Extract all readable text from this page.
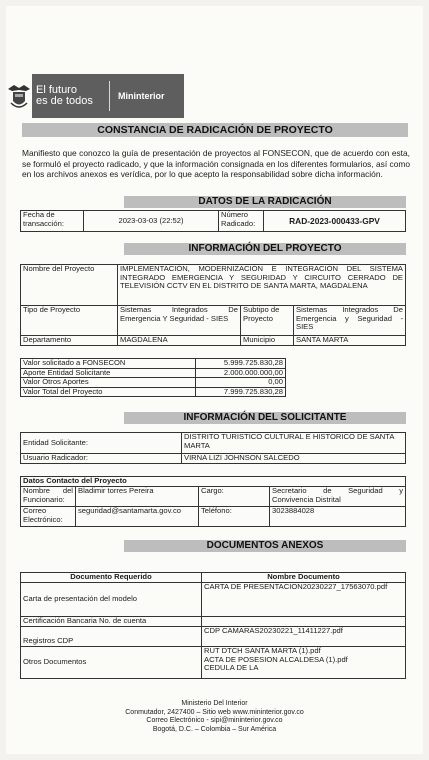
El futuro
es de todos	Mininterior
CONSTANCIA DE RADICACIÓN DE PROYECTO
Manifiesto que conozco la guía de presentación de proyectos al FONSECON, que de acuerdo con esta, se formuló el proyecto radicado, y que la información consignada en los diferentes formularios, así como en los archivos anexos es verídica, por lo que acepto la responsabilidad sobre dicha información.
DATOS DE LA RADICACIÓN
Fecha de transacción:	2023-03-03 (22:52)	Número Radicado:	RAD-2023-000433-GPV
INFORMACIÓN DEL PROYECTO
Nombre del Proyecto	IMPLEMENTACIÓN, MODERNIZACIÓN E INTEGRACIÓN DEL SISTEMA INTEGRADO EMERGENCIA Y SEGURIDAD Y CIRCUITO CERRADO DE TELEVISIÓN CCTV EN EL DISTRITO DE SANTA MARTA, MAGDALENA		
Tipo de Proyecto	Sistemas Integrados De Emergencia Y Seguridad - SIES	Subtipo de Proyecto	Sistemas Integrados De Emergencia y Seguridad - SIES
Departamento	MAGDALENA	Municipio	SANTA MARTA
Valor solicitado a FONSECON	5.999.725.830,28
Aporte Entidad Solicitante	2.000.000.000,00
Valor Otros Aportes	0,00
Valor Total del Proyecto	7.999.725.830,28
INFORMACIÓN DEL SOLICITANTE
Entidad Solicitante:	DISTRITO TURISTICO CULTURAL E HISTORICO DE SANTA MARTA
Usuario Radicador:	VIRNA LIZI JOHNSON SALCEDO
Datos Contacto del Proyecto			
Nombre del Funcionario:	Bladimir torres Pereira	Cargo:	Secretario de Seguridad y Convivencia Distrital
Correo Electrónico:	seguridad@santamarta.gov.co	Teléfono:	3023884028
DOCUMENTOS ANEXOS
Documento Requerido	Nombre Documento
Carta de presentación del modelo	CARTA DE PRESENTACION20230227_17563070.pdf
Certificación Bancaria No. de cuenta	
Registros CDP	CDP CAMARAS20230221_11411227.pdf
Otros Documentos	RUT DTCH SANTA MARTA (1).pdf
ACTA DE POSESION ALCALDESA (1).pdf
CEDULA DE LA
Ministerio Del Interior
Conmutador, 2427400 – Sitio web www.mininterior.gov.co
Correo Electrónico - sipi@mininterior.gov.co
Bogotá, D.C. – Colombia – Sur América
